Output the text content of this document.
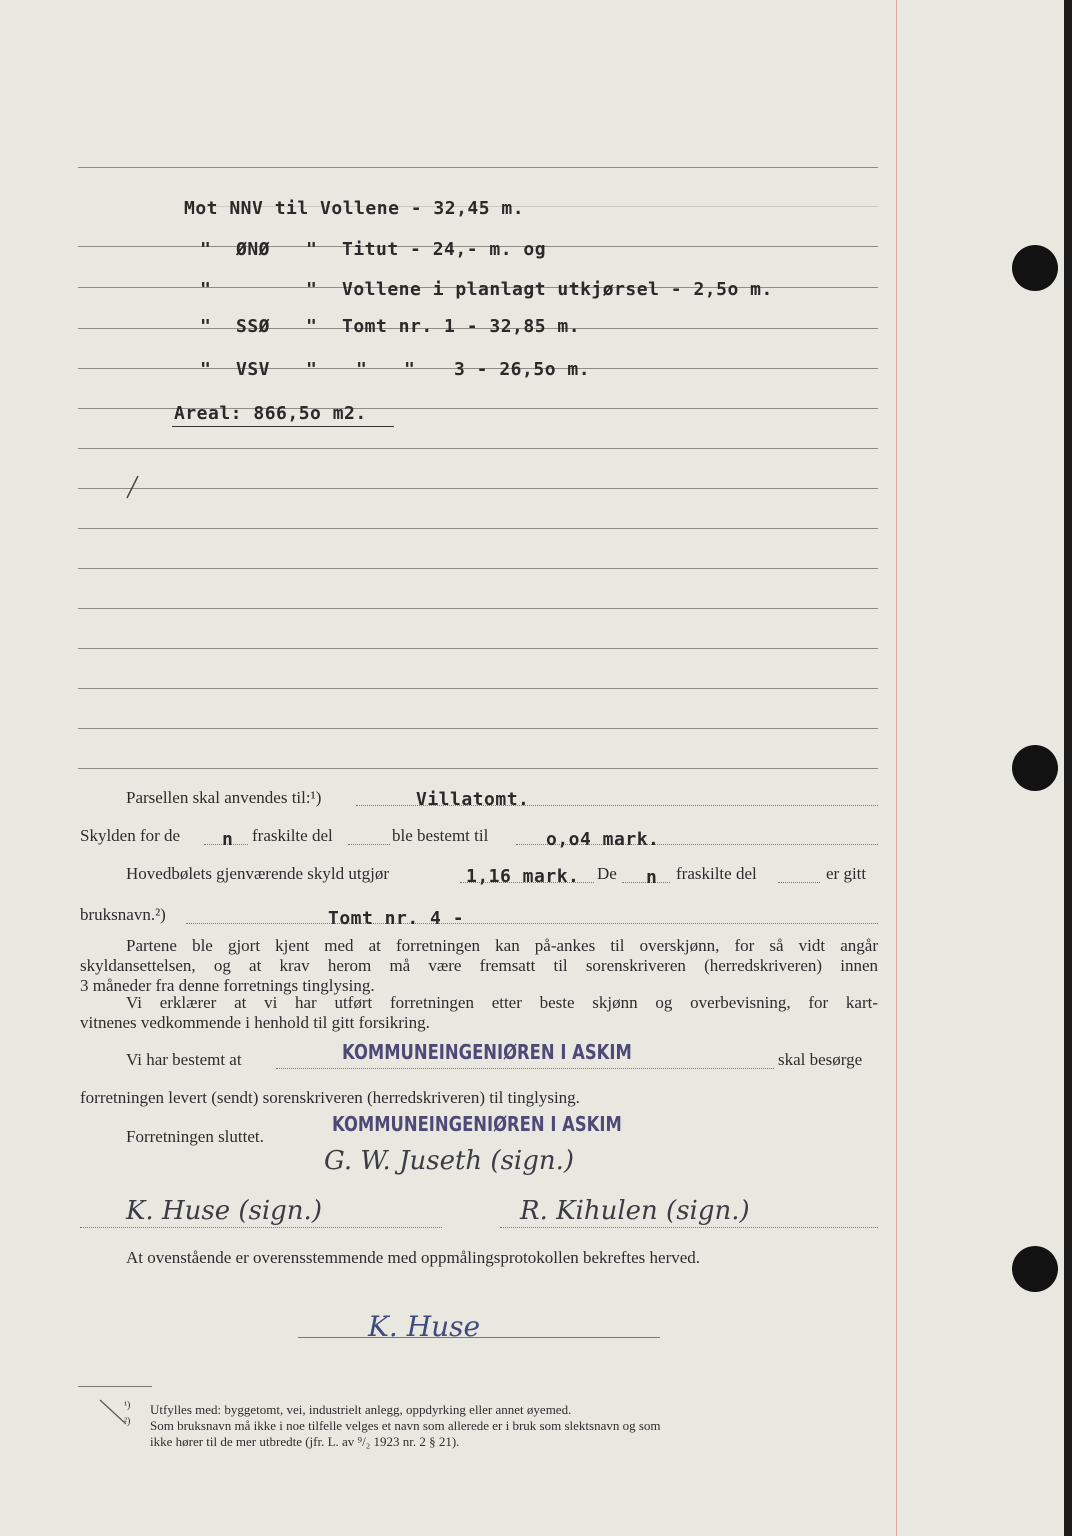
Mot NNV til Vollene - 32,45 m.
" ØNØ " Titut - 24,- m. og
"	" Vollene i planlagt utkjørsel - 2,5o m.
" SSØ " Tomt nr. 1 - 32,85 m.
" VSV " " " 3 - 26,5o m.
Areal: 866,5o m2.
Parsellen skal anvendes til:¹)	Villatomt.
Skylden for de n fraskilte del	ble bestemt til	o,o4 mark.
Hovedbølets gjenværende skyld utgjør	1,16 mark. De n fraskilte del	er gitt
bruksnavn.²)	Tomt nr. 4 -
Partene ble gjort kjent med at forretningen kan på-ankes til overskjønn, for så vidt angår
skyldansettelsen, og at krav herom må være fremsatt til sorenskriveren (herredskriveren) innen
3 måneder fra denne forretnings tinglysing.
Vi erklærer at vi har utført forretningen etter beste skjønn og overbevisning, for kart-
vitnenes vedkommende i henhold til gitt forsikring.
Vi har bestemt at	KOMMUNEINGENIØREN I ASKIM	skal besørge
forretningen levert (sendt) sorenskriveren (herredskriveren) til tinglysing.
Forretningen sluttet.
KOMMUNEINGENIØREN I ASKIM
G. W. Juseth (sign.)
K. Huse (sign.)	R. Kihulen (sign.)
At ovenstående er overensstemmende med oppmålingsprotokollen bekreftes herved.
K. Huse
¹) Utfylles med: byggetomt, vei, industrielt anlegg, oppdyrking eller annet øyemed.
²) Som bruksnavn må ikke i noe tilfelle velges et navn som allerede er i bruk som slektsnavn og som
ikke hører til de mer utbredte (jfr. L. av ⁹/₂ 1923 nr. 2 § 21).
